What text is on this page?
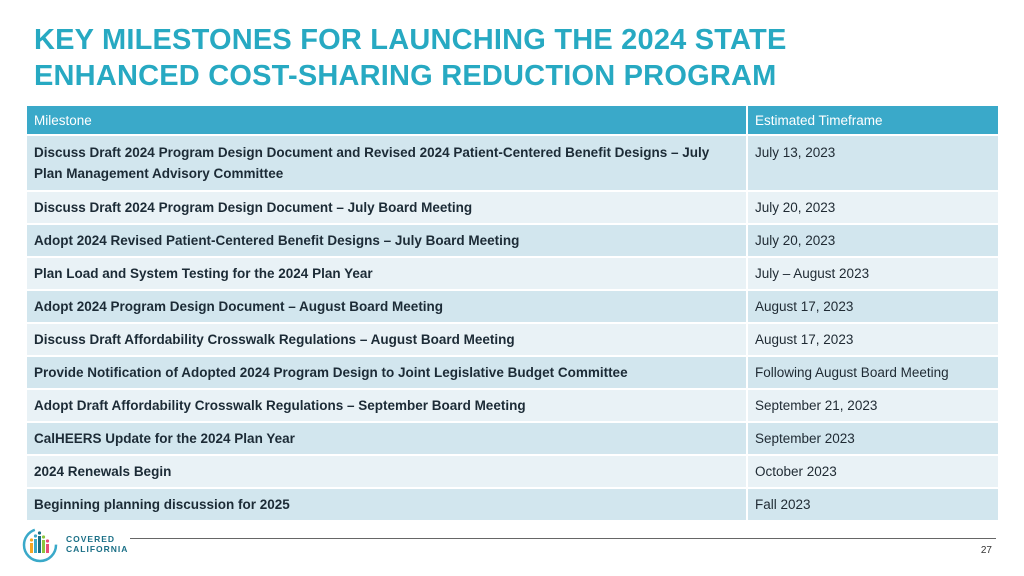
KEY MILESTONES FOR LAUNCHING THE 2024 STATE
ENHANCED COST-SHARING REDUCTION PROGRAM
Milestone	Estimated Timeframe
Discuss Draft 2024 Program Design Document and Revised 2024 Patient-Centered Benefit Designs – July Plan Management Advisory Committee	July 13, 2023
Discuss Draft 2024 Program Design Document – July Board Meeting	July 20, 2023
Adopt 2024 Revised Patient-Centered Benefit Designs – July Board Meeting	July 20, 2023
Plan Load and System Testing for the 2024 Plan Year	July – August 2023
Adopt 2024 Program Design Document – August Board Meeting	August 17, 2023
Discuss Draft Affordability Crosswalk Regulations – August Board Meeting	August 17, 2023
Provide Notification of Adopted 2024 Program Design to Joint Legislative Budget Committee	Following August Board Meeting
Adopt Draft Affordability Crosswalk Regulations – September Board Meeting	September 21, 2023
CalHEERS Update for the 2024 Plan Year	September 2023
2024 Renewals Begin	October 2023
Beginning planning discussion for 2025	Fall 2023
COVERED
CALIFORNIA	27
